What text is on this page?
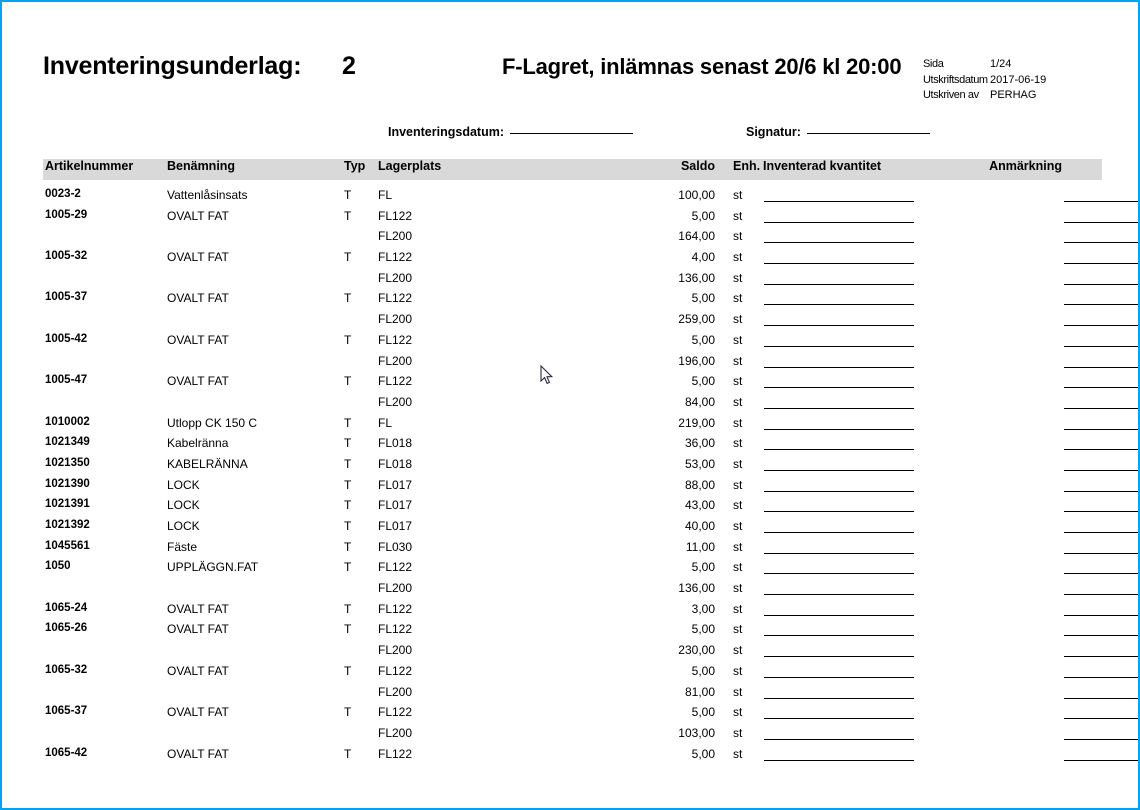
Inventeringsunderlag: 2	F-Lagret, inlämnas senast 20/6 kl 20:00 Sida	1/24
Utskriftsdatum 2017-06-19
Utskriven av PERHAG
Inventeringsdatum:	Signatur:
Artikelnummer	Benämning	Typ Lagerplats	Saldo Enh. Inventerad kvantitet	Anmärkning
0023-2	Vattenlåsinsats	T FL	100,00 st
1005-29	OVALT FAT	T FL122	5,00 st
FL200	164,00 st
1005-32	OVALT FAT	T FL122	4,00 st
FL200	136,00 st
1005-37	OVALT FAT	T FL122	5,00 st
FL200	259,00 st
1005-42	OVALT FAT	T FL122	5,00 st
FL200	196,00 st
1005-47	OVALT FAT	T FL122	5,00 st
FL200	84,00 st
1010002	Utlopp CK 150 C	T FL	219,00 st
1021349	Kabelränna	T FL018	36,00 st
1021350	KABELRÄNNA	T FL018	53,00 st
1021390	LOCK	T FL017	88,00 st
1021391	LOCK	T FL017	43,00 st
1021392	LOCK	T FL017	40,00 st
1045561	Fäste	T FL030	11,00 st
1050	UPPLÄGGN.FAT	T FL122	5,00 st
FL200	136,00 st
1065-24	OVALT FAT	T FL122	3,00 st
1065-26	OVALT FAT	T FL122	5,00 st
FL200	230,00 st
1065-32	OVALT FAT	T FL122	5,00 st
FL200	81,00 st
1065-37	OVALT FAT	T FL122	5,00 st
FL200	103,00 st
1065-42	OVALT FAT	T FL122	5,00 st
